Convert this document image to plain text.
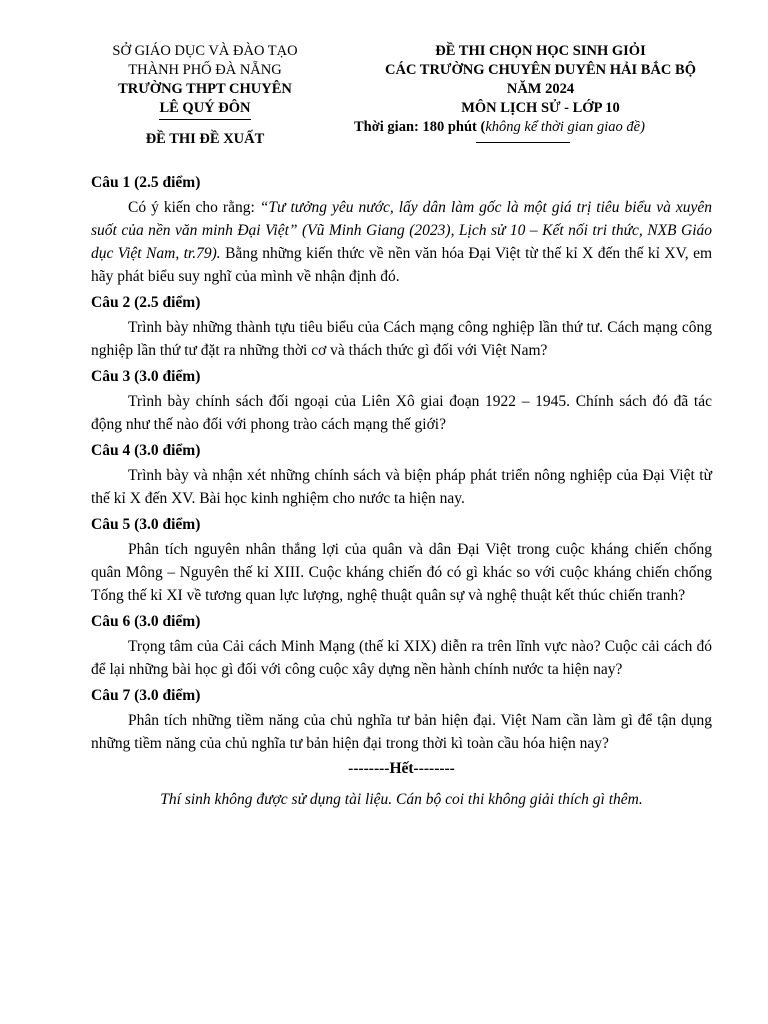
SỞ GIÁO DỤC VÀ ĐÀO TẠO
THÀNH PHỐ ĐÀ NẴNG
TRƯỜNG THPT CHUYÊN
LÊ QUÝ ĐÔN
ĐỀ THI ĐỀ XUẤT
ĐỀ THI CHỌN HỌC SINH GIỎI
CÁC TRƯỜNG CHUYÊN DUYÊN HẢI BẮC BỘ
NĂM 2024
MÔN LỊCH SỬ - LỚP 10
Thời gian: 180 phút (không kể thời gian giao đề)

Câu 1 (2.5 điểm)

Có ý kiến cho rằng: “Tư tưởng yêu nước, lấy dân làm gốc là một giá trị tiêu biểu và xuyên suốt của nền văn minh Đại Việt” (Vũ Minh Giang (2023), Lịch sử 10 – Kết nối tri thức, NXB Giáo dục Việt Nam, tr.79). Bằng những kiến thức về nền văn hóa Đại Việt từ thế kỉ X đến thế kỉ XV, em hãy phát biểu suy nghĩ của mình về nhận định đó.

Câu 2 (2.5 điểm)

Trình bày những thành tựu tiêu biểu của Cách mạng công nghiệp lần thứ tư. Cách mạng công nghiệp lần thứ tư đặt ra những thời cơ và thách thức gì đối với Việt Nam?

Câu 3 (3.0 điểm)

Trình bày chính sách đối ngoại của Liên Xô giai đoạn 1922 – 1945. Chính sách đó đã tác động như thế nào đối với phong trào cách mạng thế giới?

Câu 4 (3.0 điểm)

Trình bày và nhận xét những chính sách và biện pháp phát triển nông nghiệp của Đại Việt từ thế kỉ X đến XV. Bài học kinh nghiệm cho nước ta hiện nay.

Câu 5 (3.0 điểm)

Phân tích nguyên nhân thắng lợi của quân và dân Đại Việt trong cuộc kháng chiến chống quân Mông – Nguyên thế kỉ XIII. Cuộc kháng chiến đó có gì khác so với cuộc kháng chiến chống Tống thế kỉ XI về tương quan lực lượng, nghệ thuật quân sự và nghệ thuật kết thúc chiến tranh?

Câu 6 (3.0 điểm)

Trọng tâm của Cải cách Minh Mạng (thế kỉ XIX) diễn ra trên lĩnh vực nào? Cuộc cải cách đó để lại những bài học gì đối với công cuộc xây dựng nền hành chính nước ta hiện nay?

Câu 7 (3.0 điểm)

Phân tích những tiềm năng của chủ nghĩa tư bản hiện đại. Việt Nam cần làm gì để tận dụng những tiềm năng của chủ nghĩa tư bản hiện đại trong thời kì toàn cầu hóa hiện nay?

--------Hết--------

Thí sinh không được sử dụng tài liệu. Cán bộ coi thi không giải thích gì thêm.
